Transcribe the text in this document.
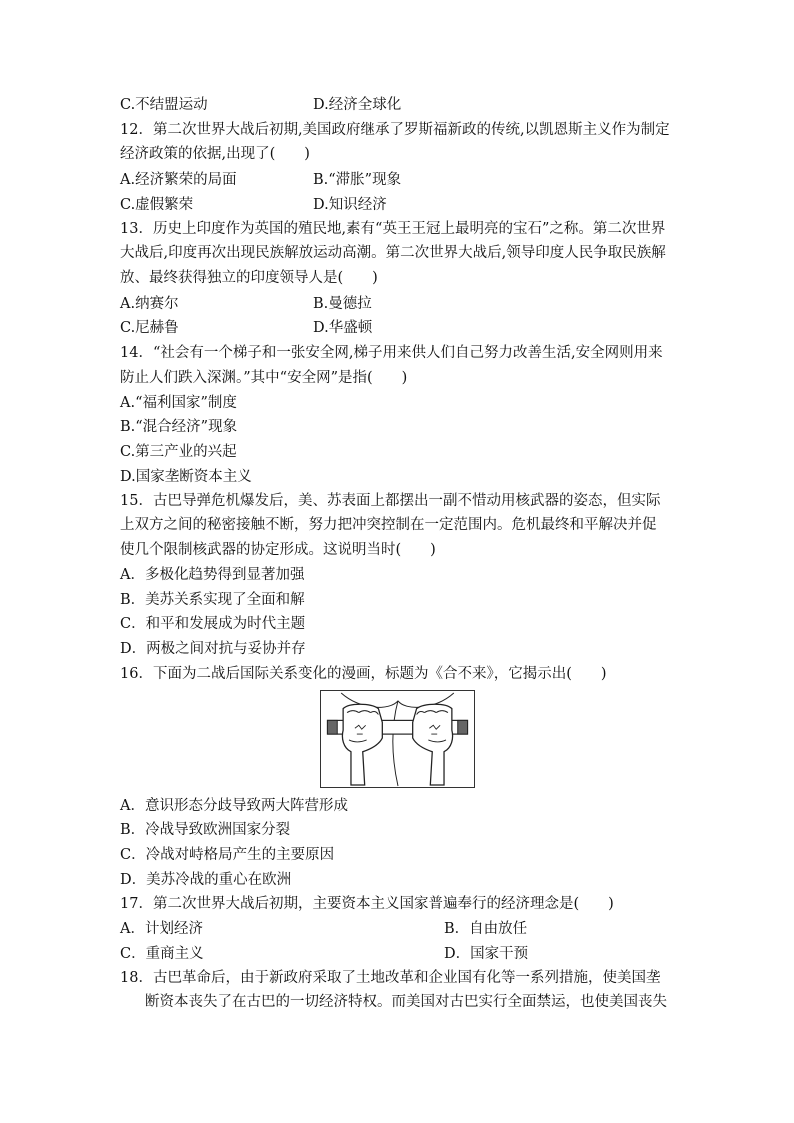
C.不结盟运动	D.经济全球化
12．第二次世界大战后初期,美国政府继承了罗斯福新政的传统,以凯恩斯主义作为制定
经济政策的依据,出现了(　　)
A.经济繁荣的局面	B.“滞胀”现象
C.虚假繁荣	D.知识经济
13．历史上印度作为英国的殖民地,素有“英王王冠上最明亮的宝石”之称。第二次世界
大战后,印度再次出现民族解放运动高潮。第二次世界大战后,领导印度人民争取民族解
放、最终获得独立的印度领导人是(　　)
A.纳赛尔	B.曼德拉
C.尼赫鲁	D.华盛顿
14．“社会有一个梯子和一张安全网,梯子用来供人们自己努力改善生活,安全网则用来
防止人们跌入深渊。”其中“安全网”是指(　　)
A.“福利国家”制度
B.“混合经济”现象
C.第三产业的兴起
D.国家垄断资本主义
15．古巴导弹危机爆发后，美、苏表面上都摆出一副不惜动用核武器的姿态，但实际
上双方之间的秘密接触不断，努力把冲突控制在一定范围内。危机最终和平解决并促
使几个限制核武器的协定形成。这说明当时(　　)
A．多极化趋势得到显著加强
B．美苏关系实现了全面和解
C．和平和发展成为时代主题
D．两极之间对抗与妥协并存
16．下面为二战后国际关系变化的漫画，标题为《合不来》，它揭示出(　　)
A．意识形态分歧导致两大阵营形成
B．冷战导致欧洲国家分裂
C．冷战对峙格局产生的主要原因
D．美苏冷战的重心在欧洲
17．第二次世界大战后初期，主要资本主义国家普遍奉行的经济理念是(　　)
A．计划经济	B．自由放任
C．重商主义	D．国家干预
18．古巴革命后，由于新政府采取了土地改革和企业国有化等一系列措施，使美国垄
断资本丧失了在古巴的一切经济特权。而美国对古巴实行全面禁运，也使美国丧失
